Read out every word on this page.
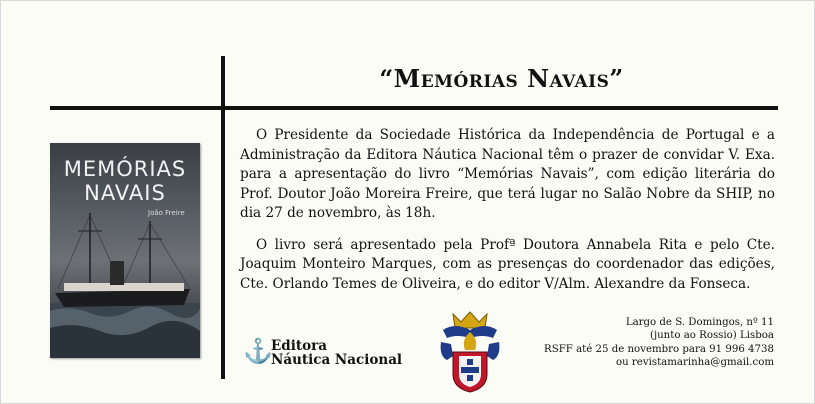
“Memórias Navais”

O Presidente da Sociedade Histórica da Independência de Portugal e a Administração da Editora Náutica Nacional têm o prazer de convidar V. Exa. para a apresentação do livro “Memórias Navais”, com edição literária do Prof. Doutor João Moreira Freire, que terá lugar no Salão Nobre da SHIP, no dia 27 de novembro, às 18h.

O livro será apresentado pela Profª Doutora Annabela Rita e pelo Cte. Joaquim Monteiro Marques, com as presenças do coordenador das edições, Cte. Orlando Temes de Oliveira, e do editor V/Alm. Alexandre da Fonseca.

MEMÓRIAS
NAVAIS
João Freire
⚓
Editora
Náutica Nacional
Largo de S. Domingos, nº 11
(junto ao Rossio) Lisboa
RSFF até 25 de novembro para 91 996 4738
ou revistamarinha@gmail.com
